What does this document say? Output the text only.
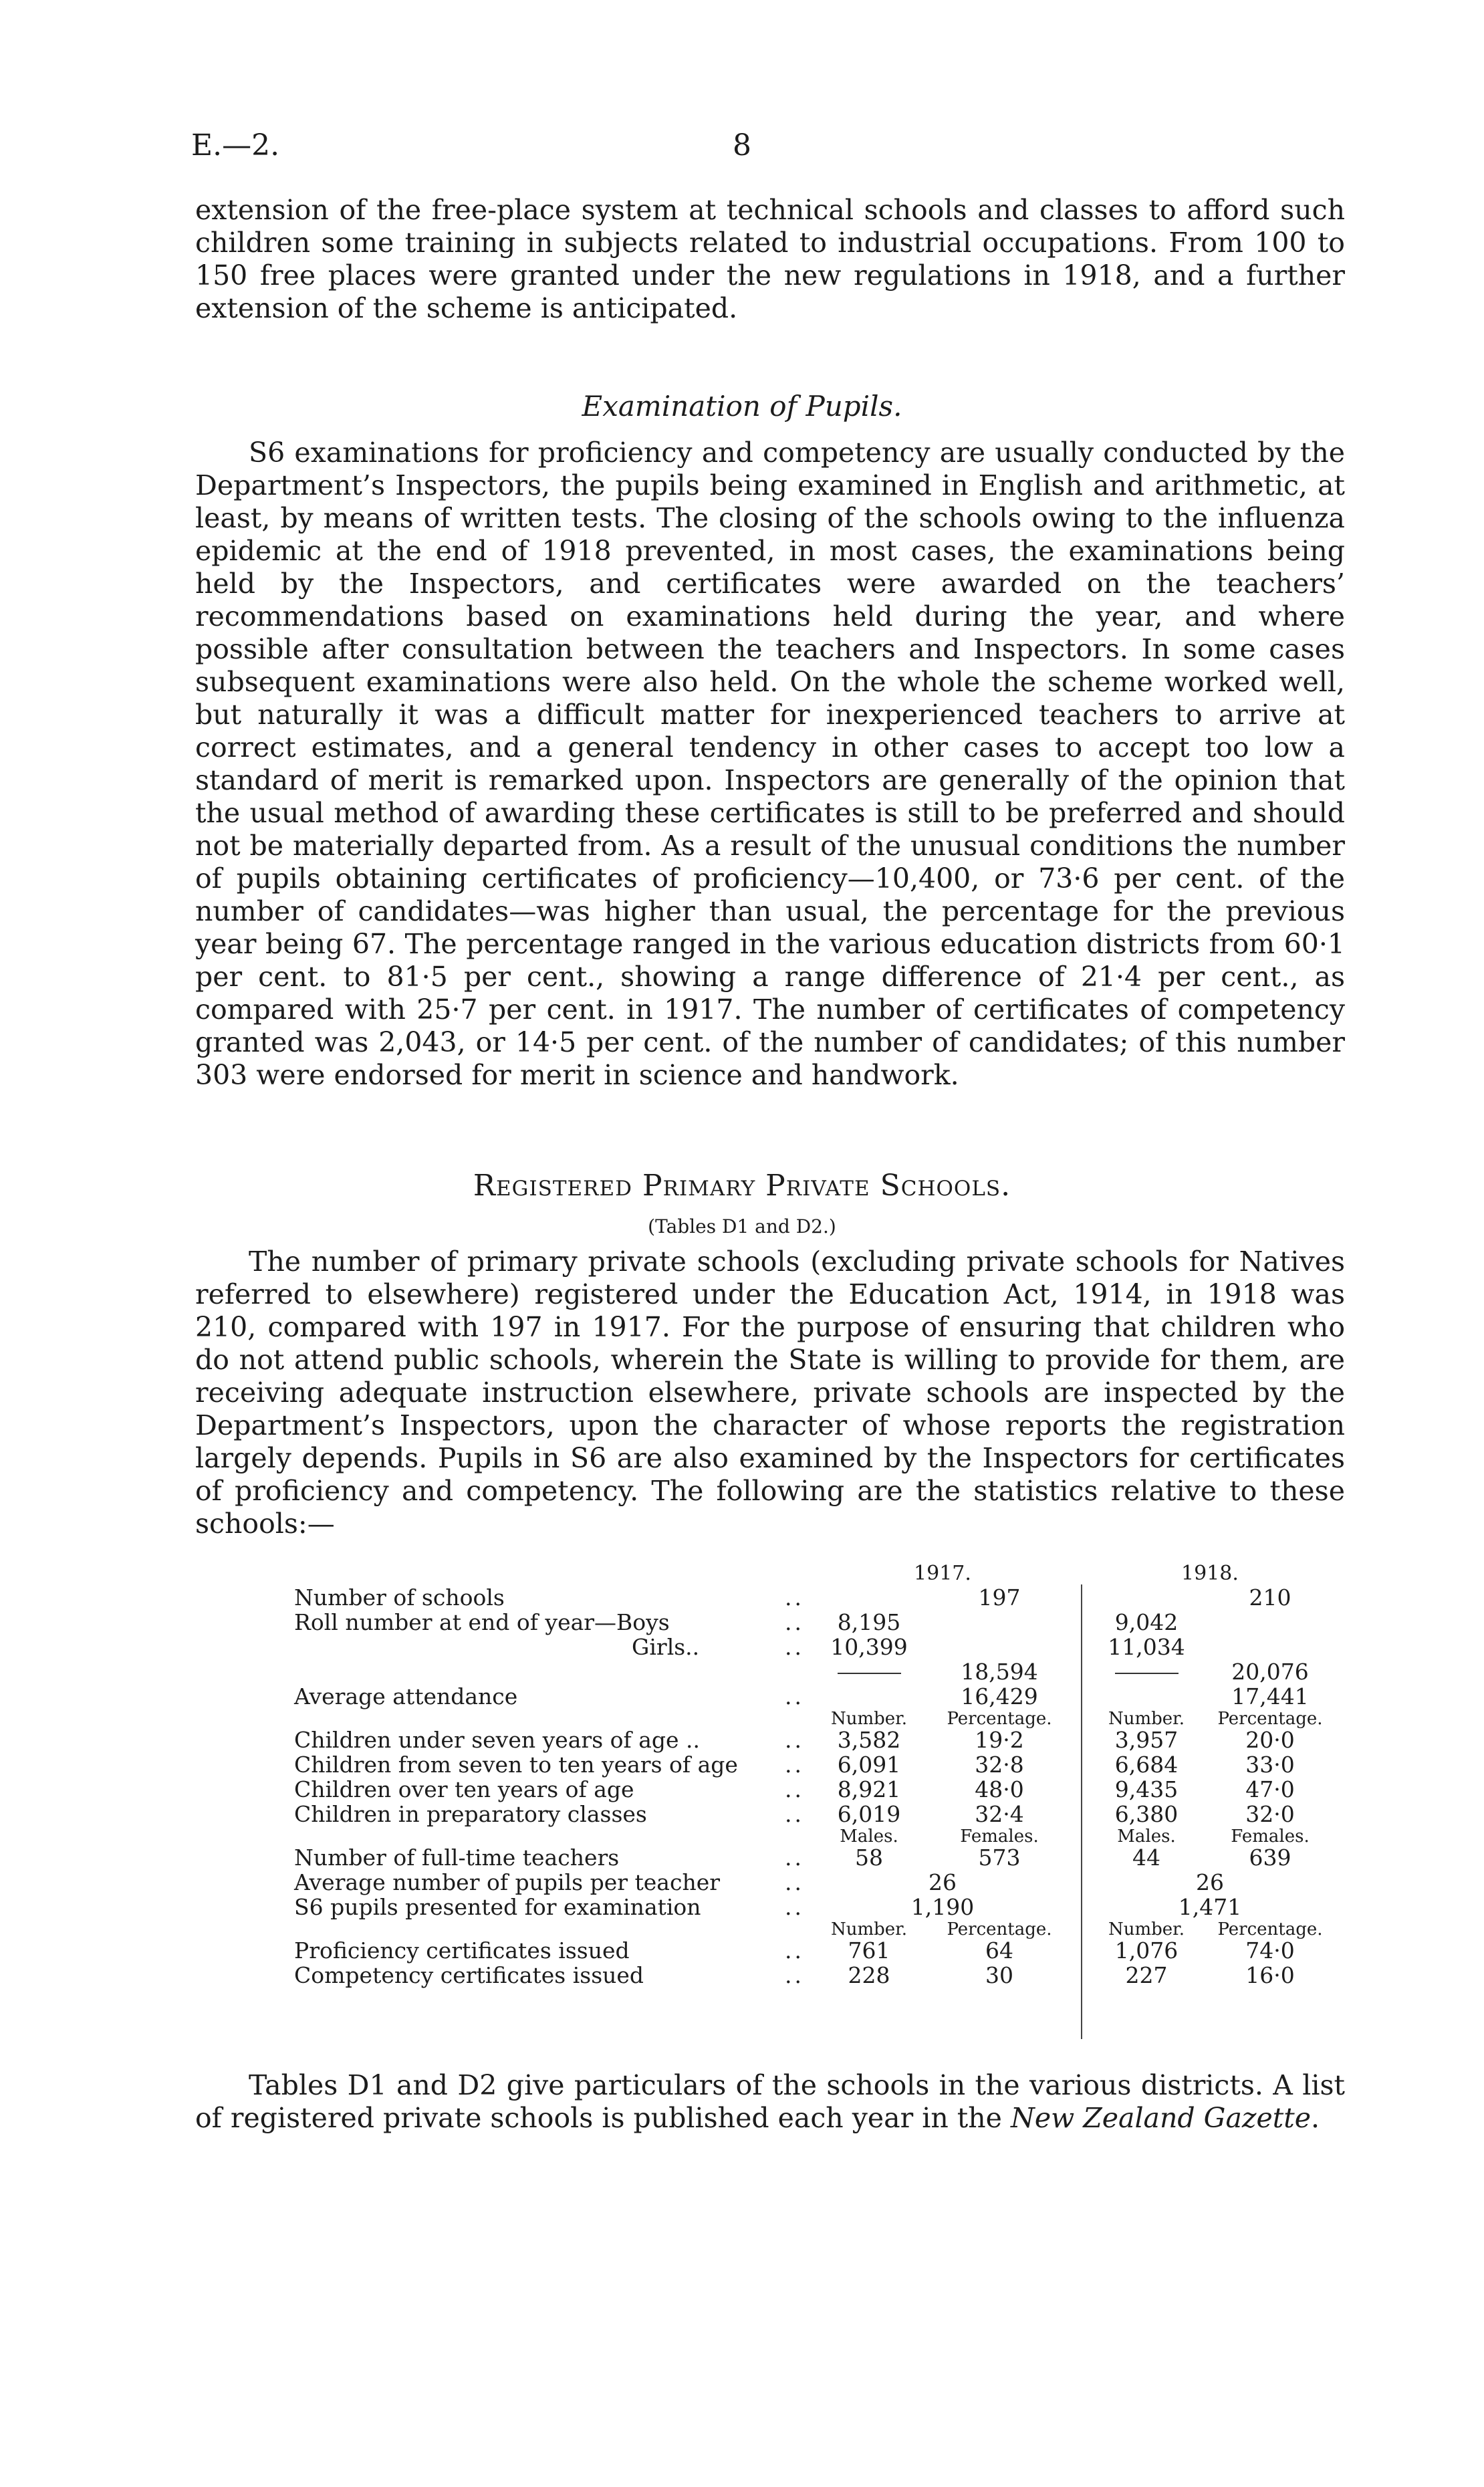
E.—2.	8

extension of the free-place system at technical schools and classes to afford such children some training in subjects related to industrial occupations. From 100 to 150 free places were granted under the new regulations in 1918, and a further extension of the scheme is anticipated.

Examination of Pupils.

S6 examinations for proficiency and competency are usually conducted by the Department’s Inspectors, the pupils being examined in English and arithmetic, at least, by means of written tests. The closing of the schools owing to the influenza epidemic at the end of 1918 prevented, in most cases, the examinations being held by the Inspectors, and certificates were awarded on the teachers’ recommendations based on examinations held during the year, and where possible after consultation between the teachers and Inspectors. In some cases subsequent examinations were also held. On the whole the scheme worked well, but naturally it was a difficult matter for inexperienced teachers to arrive at correct estimates, and a general tendency in other cases to accept too low a standard of merit is remarked upon. Inspectors are generally of the opinion that the usual method of awarding these certificates is still to be preferred and should not be materially departed from. As a result of the unusual conditions the number of pupils obtaining certificates of proficiency—10,400, or 73·6 per cent. of the number of candidates—was higher than usual, the percentage for the previous year being 67. The percentage ranged in the various education districts from 60·1 per cent. to 81·5 per cent., showing a range difference of 21·4 per cent., as compared with 25·7 per cent. in 1917. The number of certificates of competency granted was 2,043, or 14·5 per cent. of the number of candidates; of this number 303 were endorsed for merit in science and handwork.

Registered Primary Private Schools.
(Tables D1 and D2.)

The number of primary private schools (excluding private schools for Natives referred to elsewhere) registered under the Education Act, 1914, in 1918 was 210, compared with 197 in 1917. For the purpose of ensuring that children who do not attend public schools, wherein the State is willing to provide for them, are receiving adequate instruction elsewhere, private schools are inspected by the Department’s Inspectors, upon the character of whose reports the registration largely depends. Pupils in S6 are also examined by the Inspectors for certificates of proficiency and competency. The following are the statistics relative to these schools:—

1917.	1918.
Number of schools	..	197	210
Roll number at end of year—Boys	..	8,195	9,042
Girls..	..	10,399	11,034
18,594	20,076
Average attendance	..	16,429	17,441
Number.	Percentage.	Number.	Percentage.
Children under seven years of age ..	..	3,582	19·2	3,957	20·0
Children from seven to ten years of age ..	6,091	32·8	6,684	33·0
Children over ten years of age	..	8,921	48·0	9,435	47·0
Children in preparatory classes	..	6,019	32·4	6,380	32·0
Males.	Females.	Males.	Females.
Number of full-time teachers	..	58	573	44	639
Average number of pupils per teacher	..	26	26
S6 pupils presented for examination	..	1,190	1,471
Number.	Percentage.	Number.	Percentage.
Proficiency certificates issued	..	761	64	1,076	74·0
Competency certificates issued	..	228	30	227	16·0

Tables D1 and D2 give particulars of the schools in the various districts. A list of registered private schools is published each year in the New Zealand Gazette.
